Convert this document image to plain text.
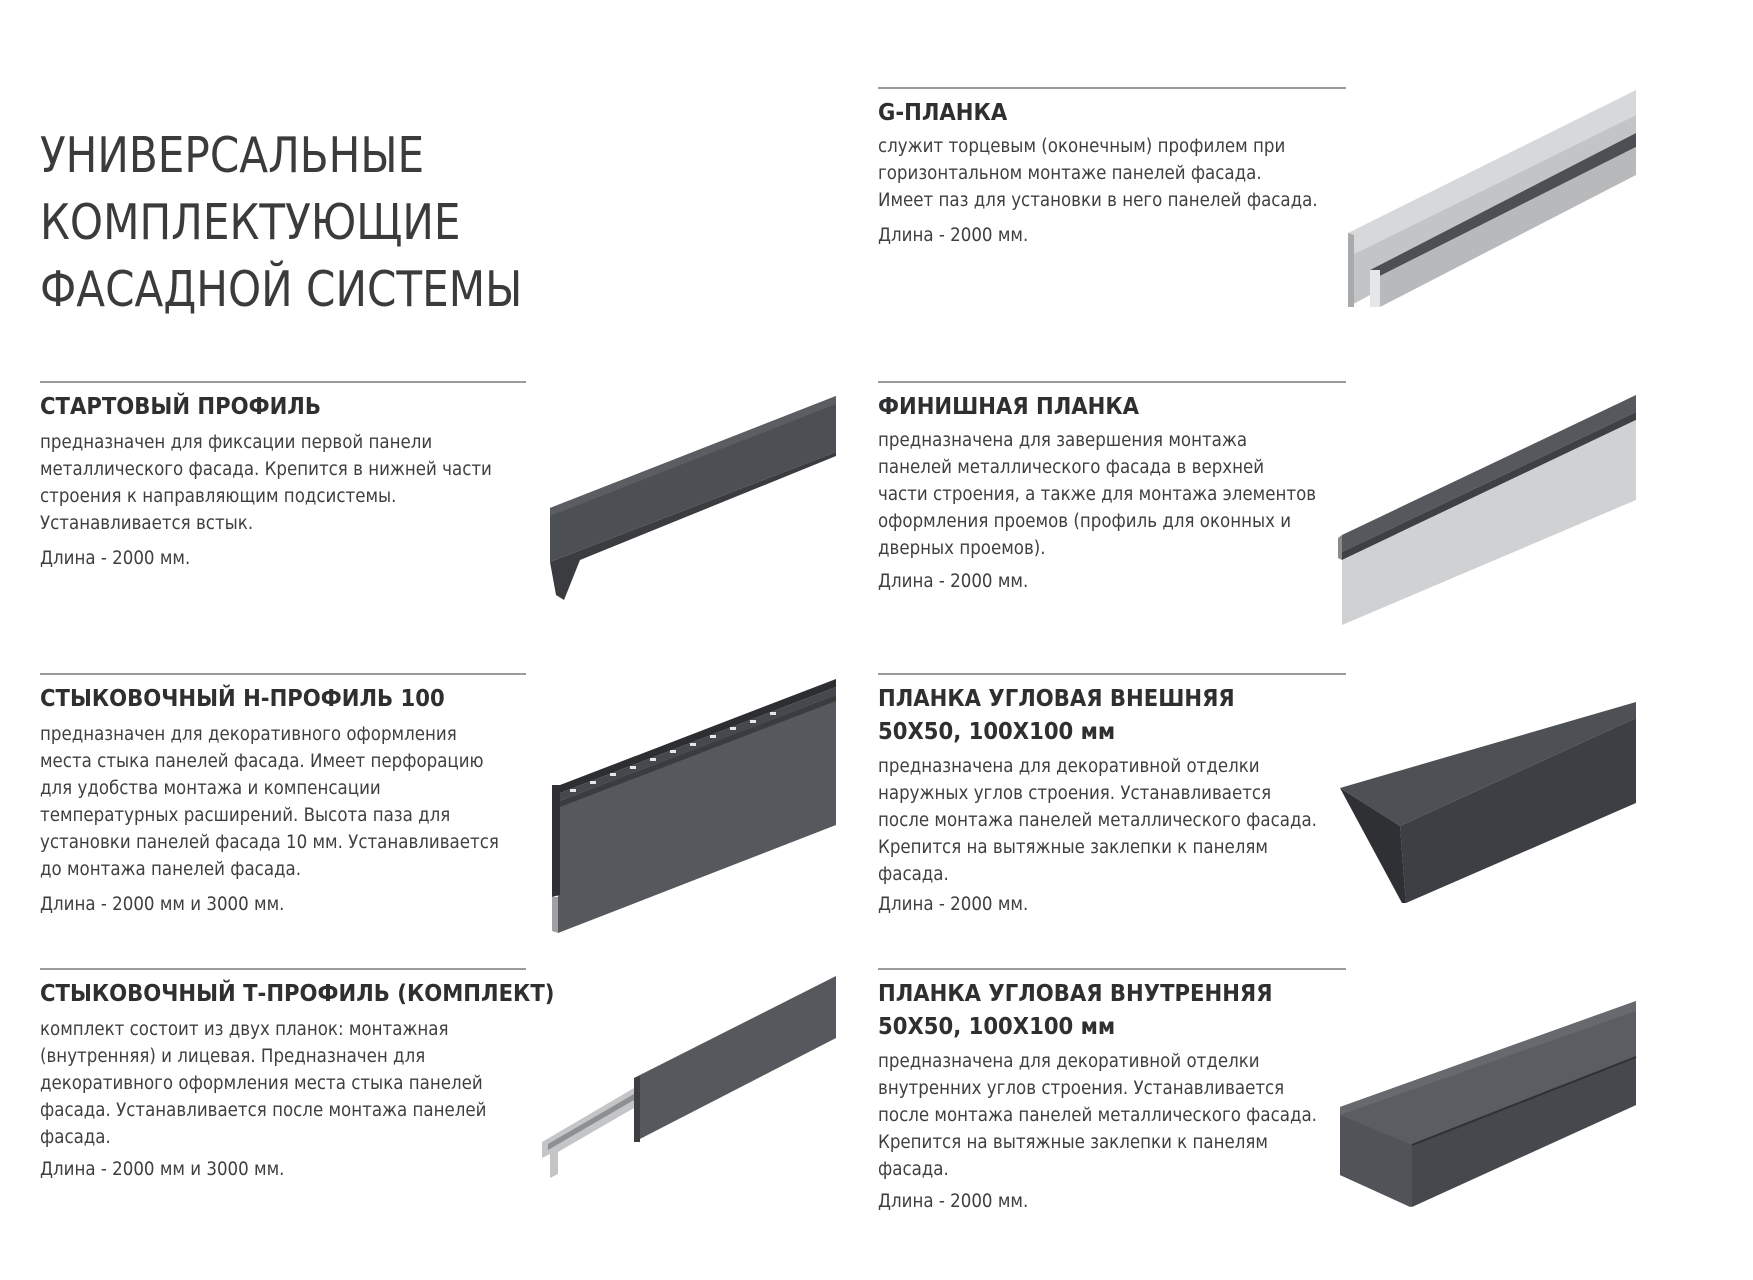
УНИВЕРСАЛЬНЫЕ
КОМПЛЕКТУЮЩИЕ
ФАСАДНОЙ СИСТЕМЫ
G-ПЛАНКА

служит торцевым (оконечным) профилем при
горизонтальном монтаже панелей фасада.
Имеет паз для установки в него панелей фасада.

Длина - 2000 мм.

СТАРТОВЫЙ ПРОФИЛЬ

предназначен для фиксации первой панели
металлического фасада. Крепится в нижней части
строения к направляющим подсистемы.
Устанавливается встык.

Длина - 2000 мм.

ФИНИШНАЯ ПЛАНКА

предназначена для завершения монтажа
панелей металлического фасада в верхней
части строения, а также для монтажа элементов
оформления проемов (профиль для оконных и
дверных проемов).

Длина - 2000 мм.

СТЫКОВОЧНЫЙ H-ПРОФИЛЬ 100

предназначен для декоративного оформления
места стыка панелей фасада. Имеет перфорацию
для удобства монтажа и компенсации
температурных расширений. Высота паза для
установки панелей фасада 10 мм. Устанавливается
до монтажа панелей фасада.

Длина - 2000 мм и 3000 мм.

ПЛАНКА УГЛОВАЯ ВНЕШНЯЯ
50Х50, 100Х100 мм

предназначена для декоративной отделки
наружных углов строения. Устанавливается
после монтажа панелей металлического фасада.
Крепится на вытяжные заклепки к панелям
фасада.

Длина - 2000 мм.

СТЫКОВОЧНЫЙ Т-ПРОФИЛЬ (КОМПЛЕКТ)

комплект состоит из двух планок: монтажная
(внутренняя) и лицевая. Предназначен для
декоративного оформления места стыка панелей
фасада. Устанавливается после монтажа панелей
фасада.

Длина - 2000 мм и 3000 мм.

ПЛАНКА УГЛОВАЯ ВНУТРЕННЯЯ
50Х50, 100Х100 мм

предназначена для декоративной отделки
внутренних углов строения. Устанавливается
после монтажа панелей металлического фасада.
Крепится на вытяжные заклепки к панелям
фасада.

Длина - 2000 мм.
